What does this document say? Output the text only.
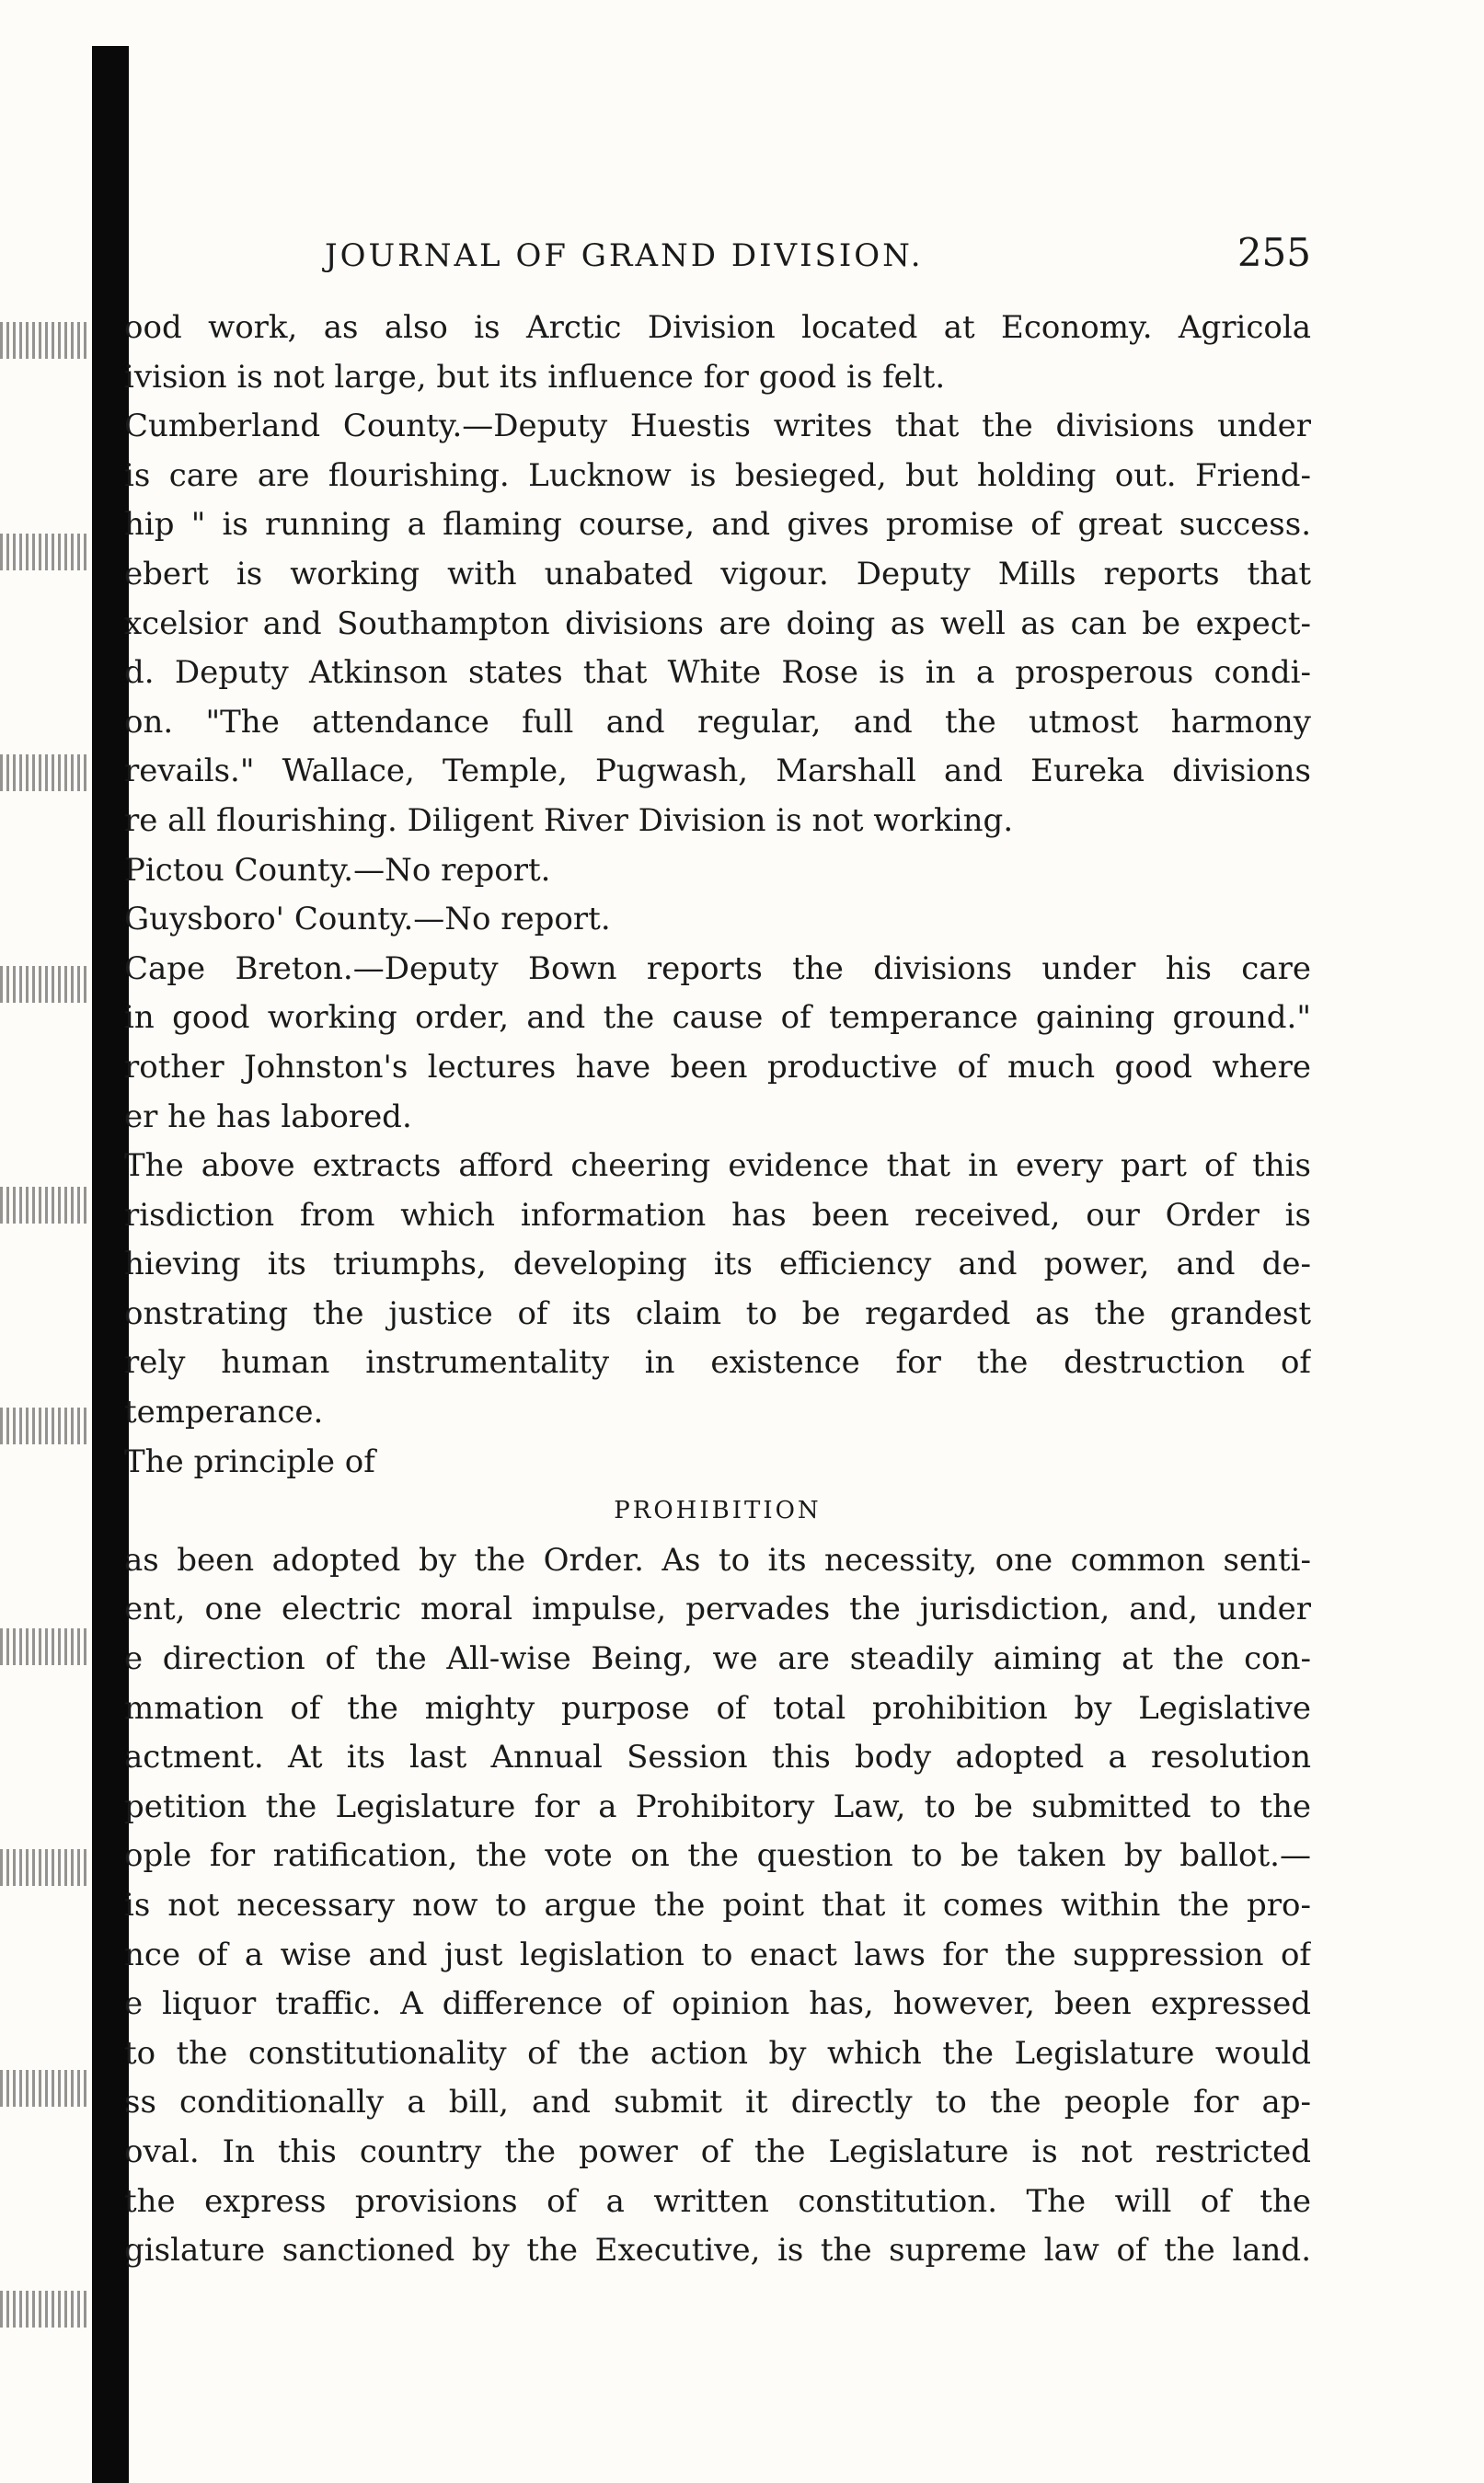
JOURNAL OF GRAND DIVISION.	255
ood work, as also is Arctic Division located at Economy. Agricola
ivision is not large, but its influence for good is felt.
Cumberland County.—Deputy Huestis writes that the divisions under
is care are flourishing. Lucknow is besieged, but holding out. Friend-
hip " is running a flaming course, and gives promise of great success.
ebert is working with unabated vigour. Deputy Mills reports that
xcelsior and Southampton divisions are doing as well as can be expect-
d. Deputy Atkinson states that White Rose is in a prosperous condi-
on. "The attendance full and regular, and the utmost harmony
revails." Wallace, Temple, Pugwash, Marshall and Eureka divisions
re all flourishing. Diligent River Division is not working.
Pictou County.—No report.
Guysboro' County.—No report.
Cape Breton.—Deputy Bown reports the divisions under his care
in good working order, and the cause of temperance gaining ground."
rother Johnston's lectures have been productive of much good where
er he has labored.
The above extracts afford cheering evidence that in every part of this
risdiction from which information has been received, our Order is
hieving its triumphs, developing its efficiency and power, and de-
onstrating the justice of its claim to be regarded as the grandest
rely human instrumentality in existence for the destruction of
temperance.
The principle of
PROHIBITION
as been adopted by the Order. As to its necessity, one common senti-
ent, one electric moral impulse, pervades the jurisdiction, and, under
e direction of the All-wise Being, we are steadily aiming at the con-
mmation of the mighty purpose of total prohibition by Legislative
actment. At its last Annual Session this body adopted a resolution
petition the Legislature for a Prohibitory Law, to be submitted to the
ople for ratification, the vote on the question to be taken by ballot.—
is not necessary now to argue the point that it comes within the pro-
nce of a wise and just legislation to enact laws for the suppression of
e liquor traffic. A difference of opinion has, however, been expressed
to the constitutionality of the action by which the Legislature would
ss conditionally a bill, and submit it directly to the people for ap-
oval. In this country the power of the Legislature is not restricted
the express provisions of a written constitution. The will of the
gislature sanctioned by the Executive, is the supreme law of the land.
